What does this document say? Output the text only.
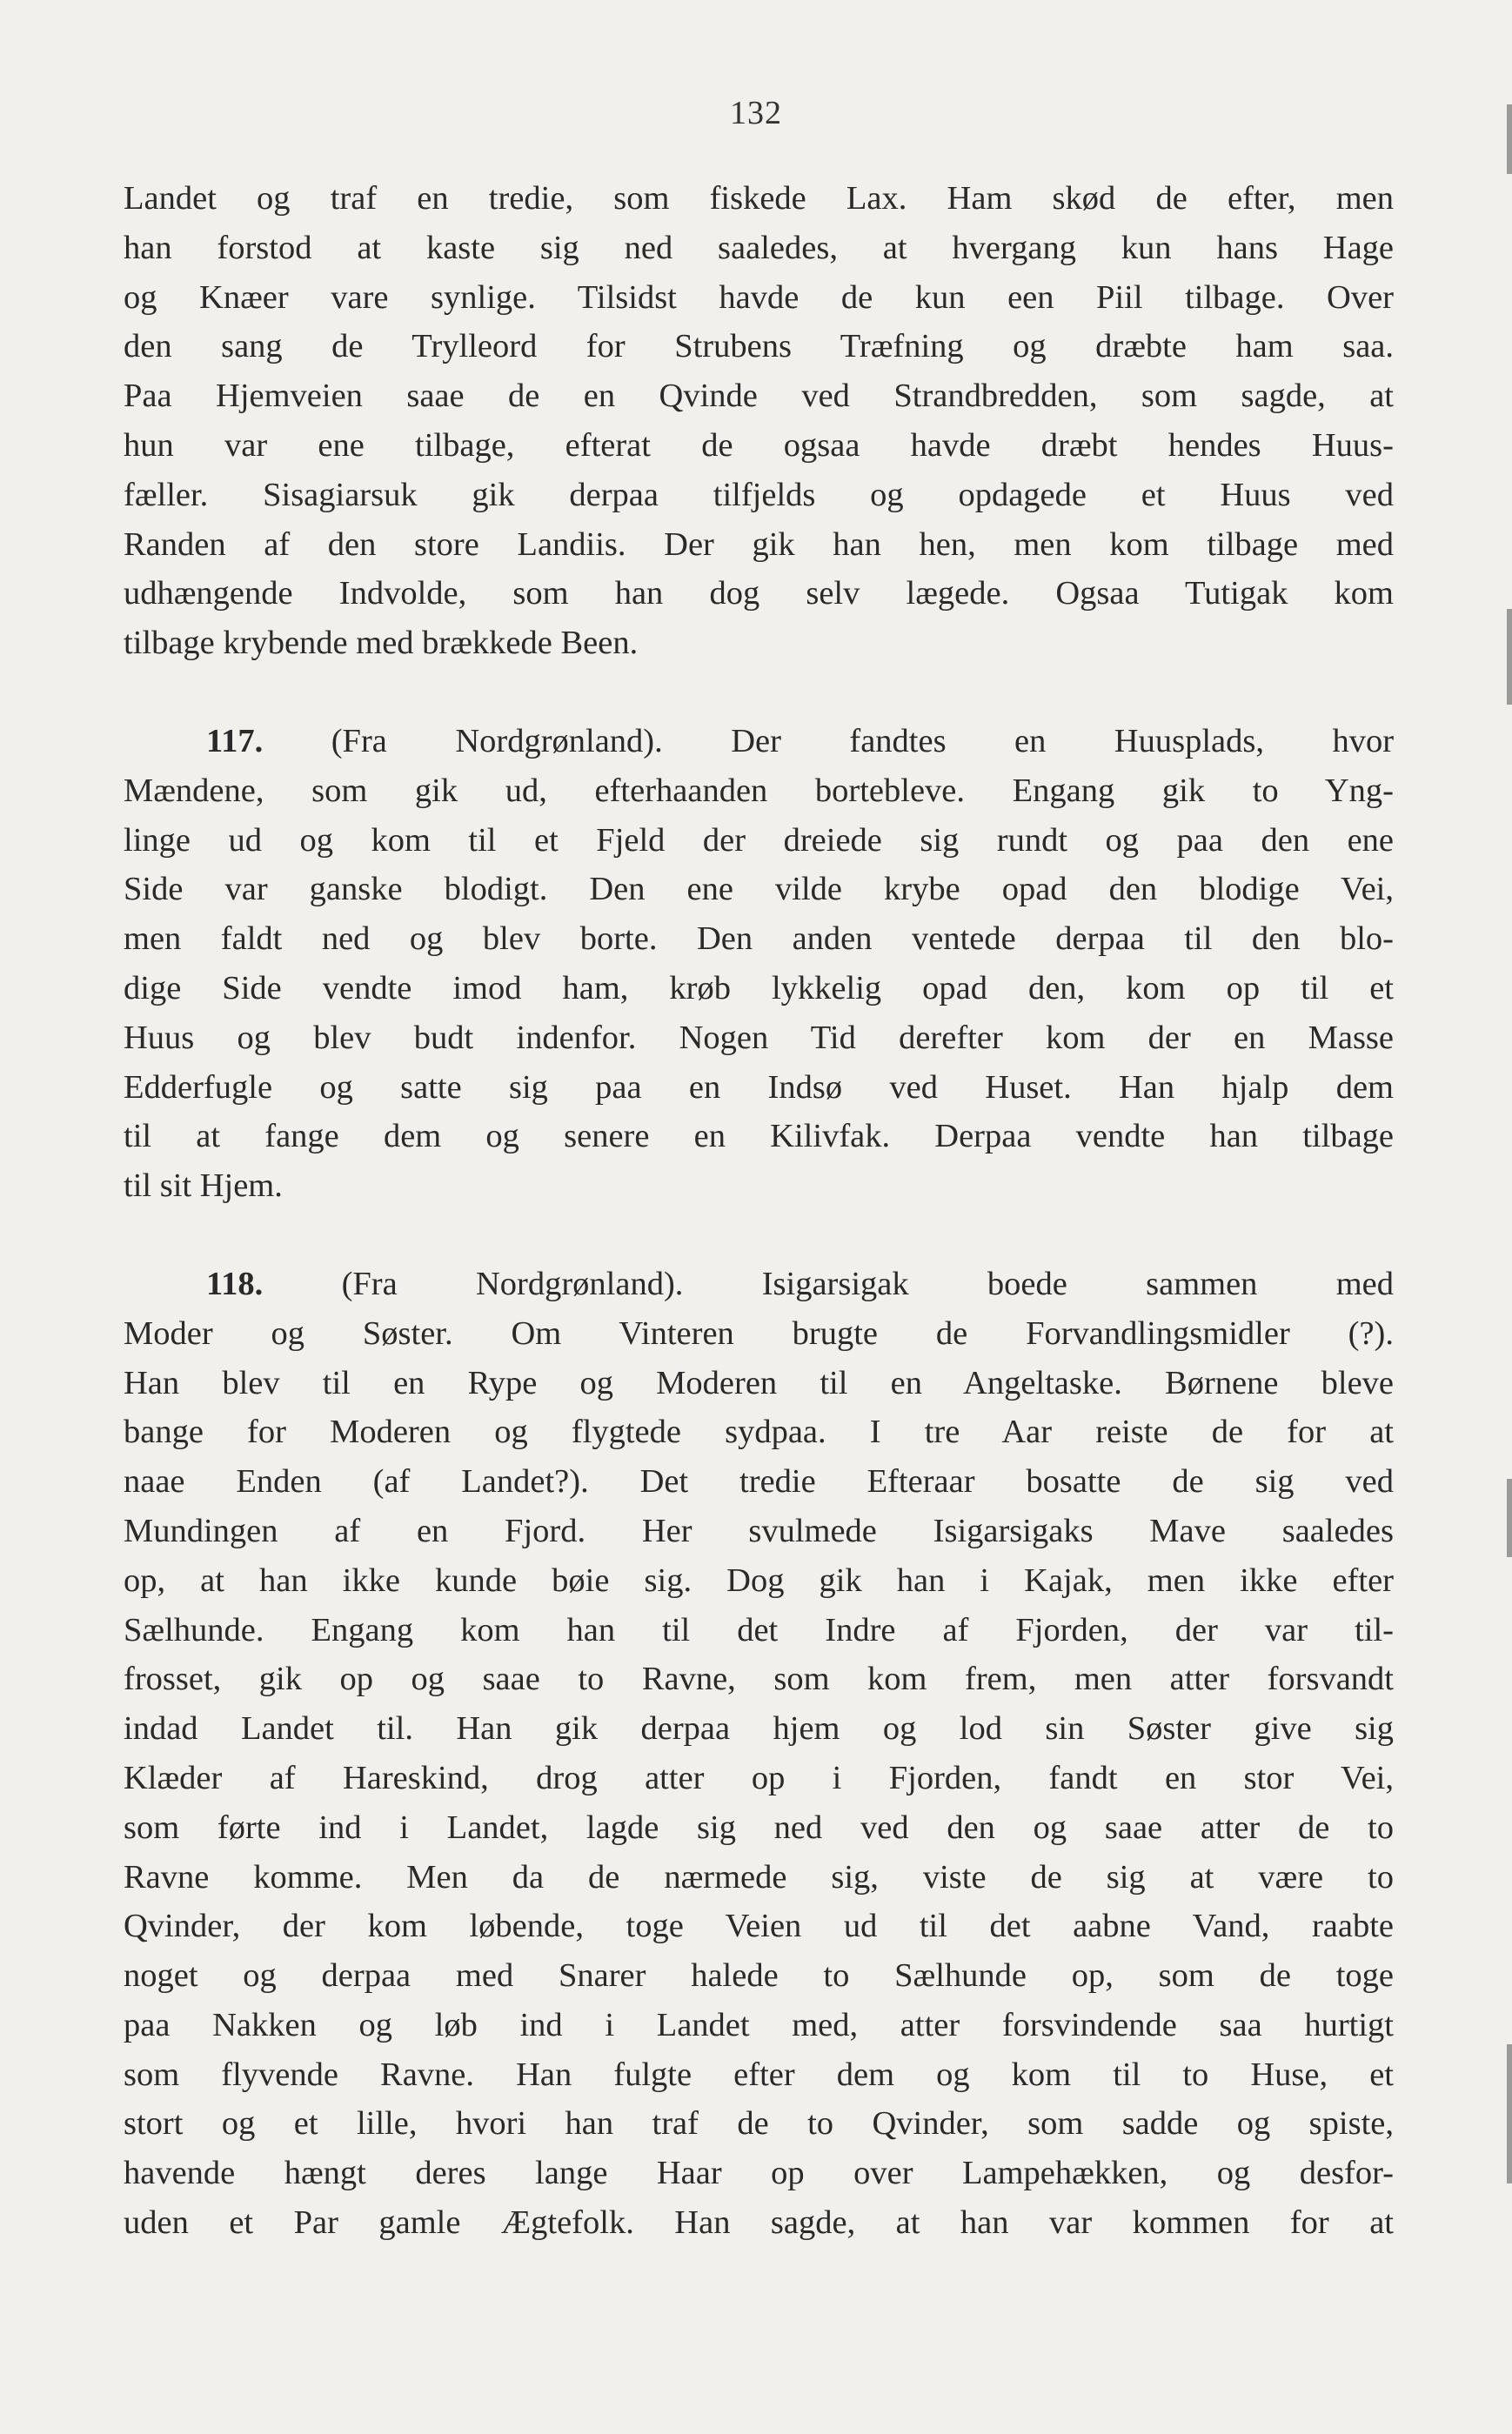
132
Landet og traf en tredie, som fiskede Lax. Ham skød de efter, men
han forstod at kaste sig ned saaledes, at hvergang kun hans Hage
og Knæer vare synlige. Tilsidst havde de kun een Piil tilbage. Over
den sang de Trylleord for Strubens Træfning og dræbte ham saa.
Paa Hjemveien saae de en Qvinde ved Strandbredden, som sagde, at
hun var ene tilbage, efterat de ogsaa havde dræbt hendes Huus-
fæller. Sisagiarsuk gik derpaa tilfjelds og opdagede et Huus ved
Randen af den store Landiis. Der gik han hen, men kom tilbage med
udhængende Indvolde, som han dog selv lægede. Ogsaa Tutigak kom
tilbage krybende med brækkede Been.
117. (Fra Nordgrønland). Der fandtes en Huusplads, hvor
Mændene, som gik ud, efterhaanden bortebleve. Engang gik to Yng-
linge ud og kom til et Fjeld der dreiede sig rundt og paa den ene
Side var ganske blodigt. Den ene vilde krybe opad den blodige Vei,
men faldt ned og blev borte. Den anden ventede derpaa til den blo-
dige Side vendte imod ham, krøb lykkelig opad den, kom op til et
Huus og blev budt indenfor. Nogen Tid derefter kom der en Masse
Edderfugle og satte sig paa en Indsø ved Huset. Han hjalp dem
til at fange dem og senere en Kilivfak. Derpaa vendte han tilbage
til sit Hjem.
118. (Fra Nordgrønland). Isigarsigak boede sammen med
Moder og Søster. Om Vinteren brugte de Forvandlingsmidler (?).
Han blev til en Rype og Moderen til en Angeltaske. Børnene bleve
bange for Moderen og flygtede sydpaa. I tre Aar reiste de for at
naae Enden (af Landet?). Det tredie Efteraar bosatte de sig ved
Mundingen af en Fjord. Her svulmede Isigarsigaks Mave saaledes
op, at han ikke kunde bøie sig. Dog gik han i Kajak, men ikke efter
Sælhunde. Engang kom han til det Indre af Fjorden, der var til-
frosset, gik op og saae to Ravne, som kom frem, men atter forsvandt
indad Landet til. Han gik derpaa hjem og lod sin Søster give sig
Klæder af Hareskind, drog atter op i Fjorden, fandt en stor Vei,
som førte ind i Landet, lagde sig ned ved den og saae atter de to
Ravne komme. Men da de nærmede sig, viste de sig at være to
Qvinder, der kom løbende, toge Veien ud til det aabne Vand, raabte
noget og derpaa med Snarer halede to Sælhunde op, som de toge
paa Nakken og løb ind i Landet med, atter forsvindende saa hurtigt
som flyvende Ravne. Han fulgte efter dem og kom til to Huse, et
stort og et lille, hvori han traf de to Qvinder, som sadde og spiste,
havende hængt deres lange Haar op over Lampehækken, og desfor-
uden et Par gamle Ægtefolk. Han sagde, at han var kommen for at
